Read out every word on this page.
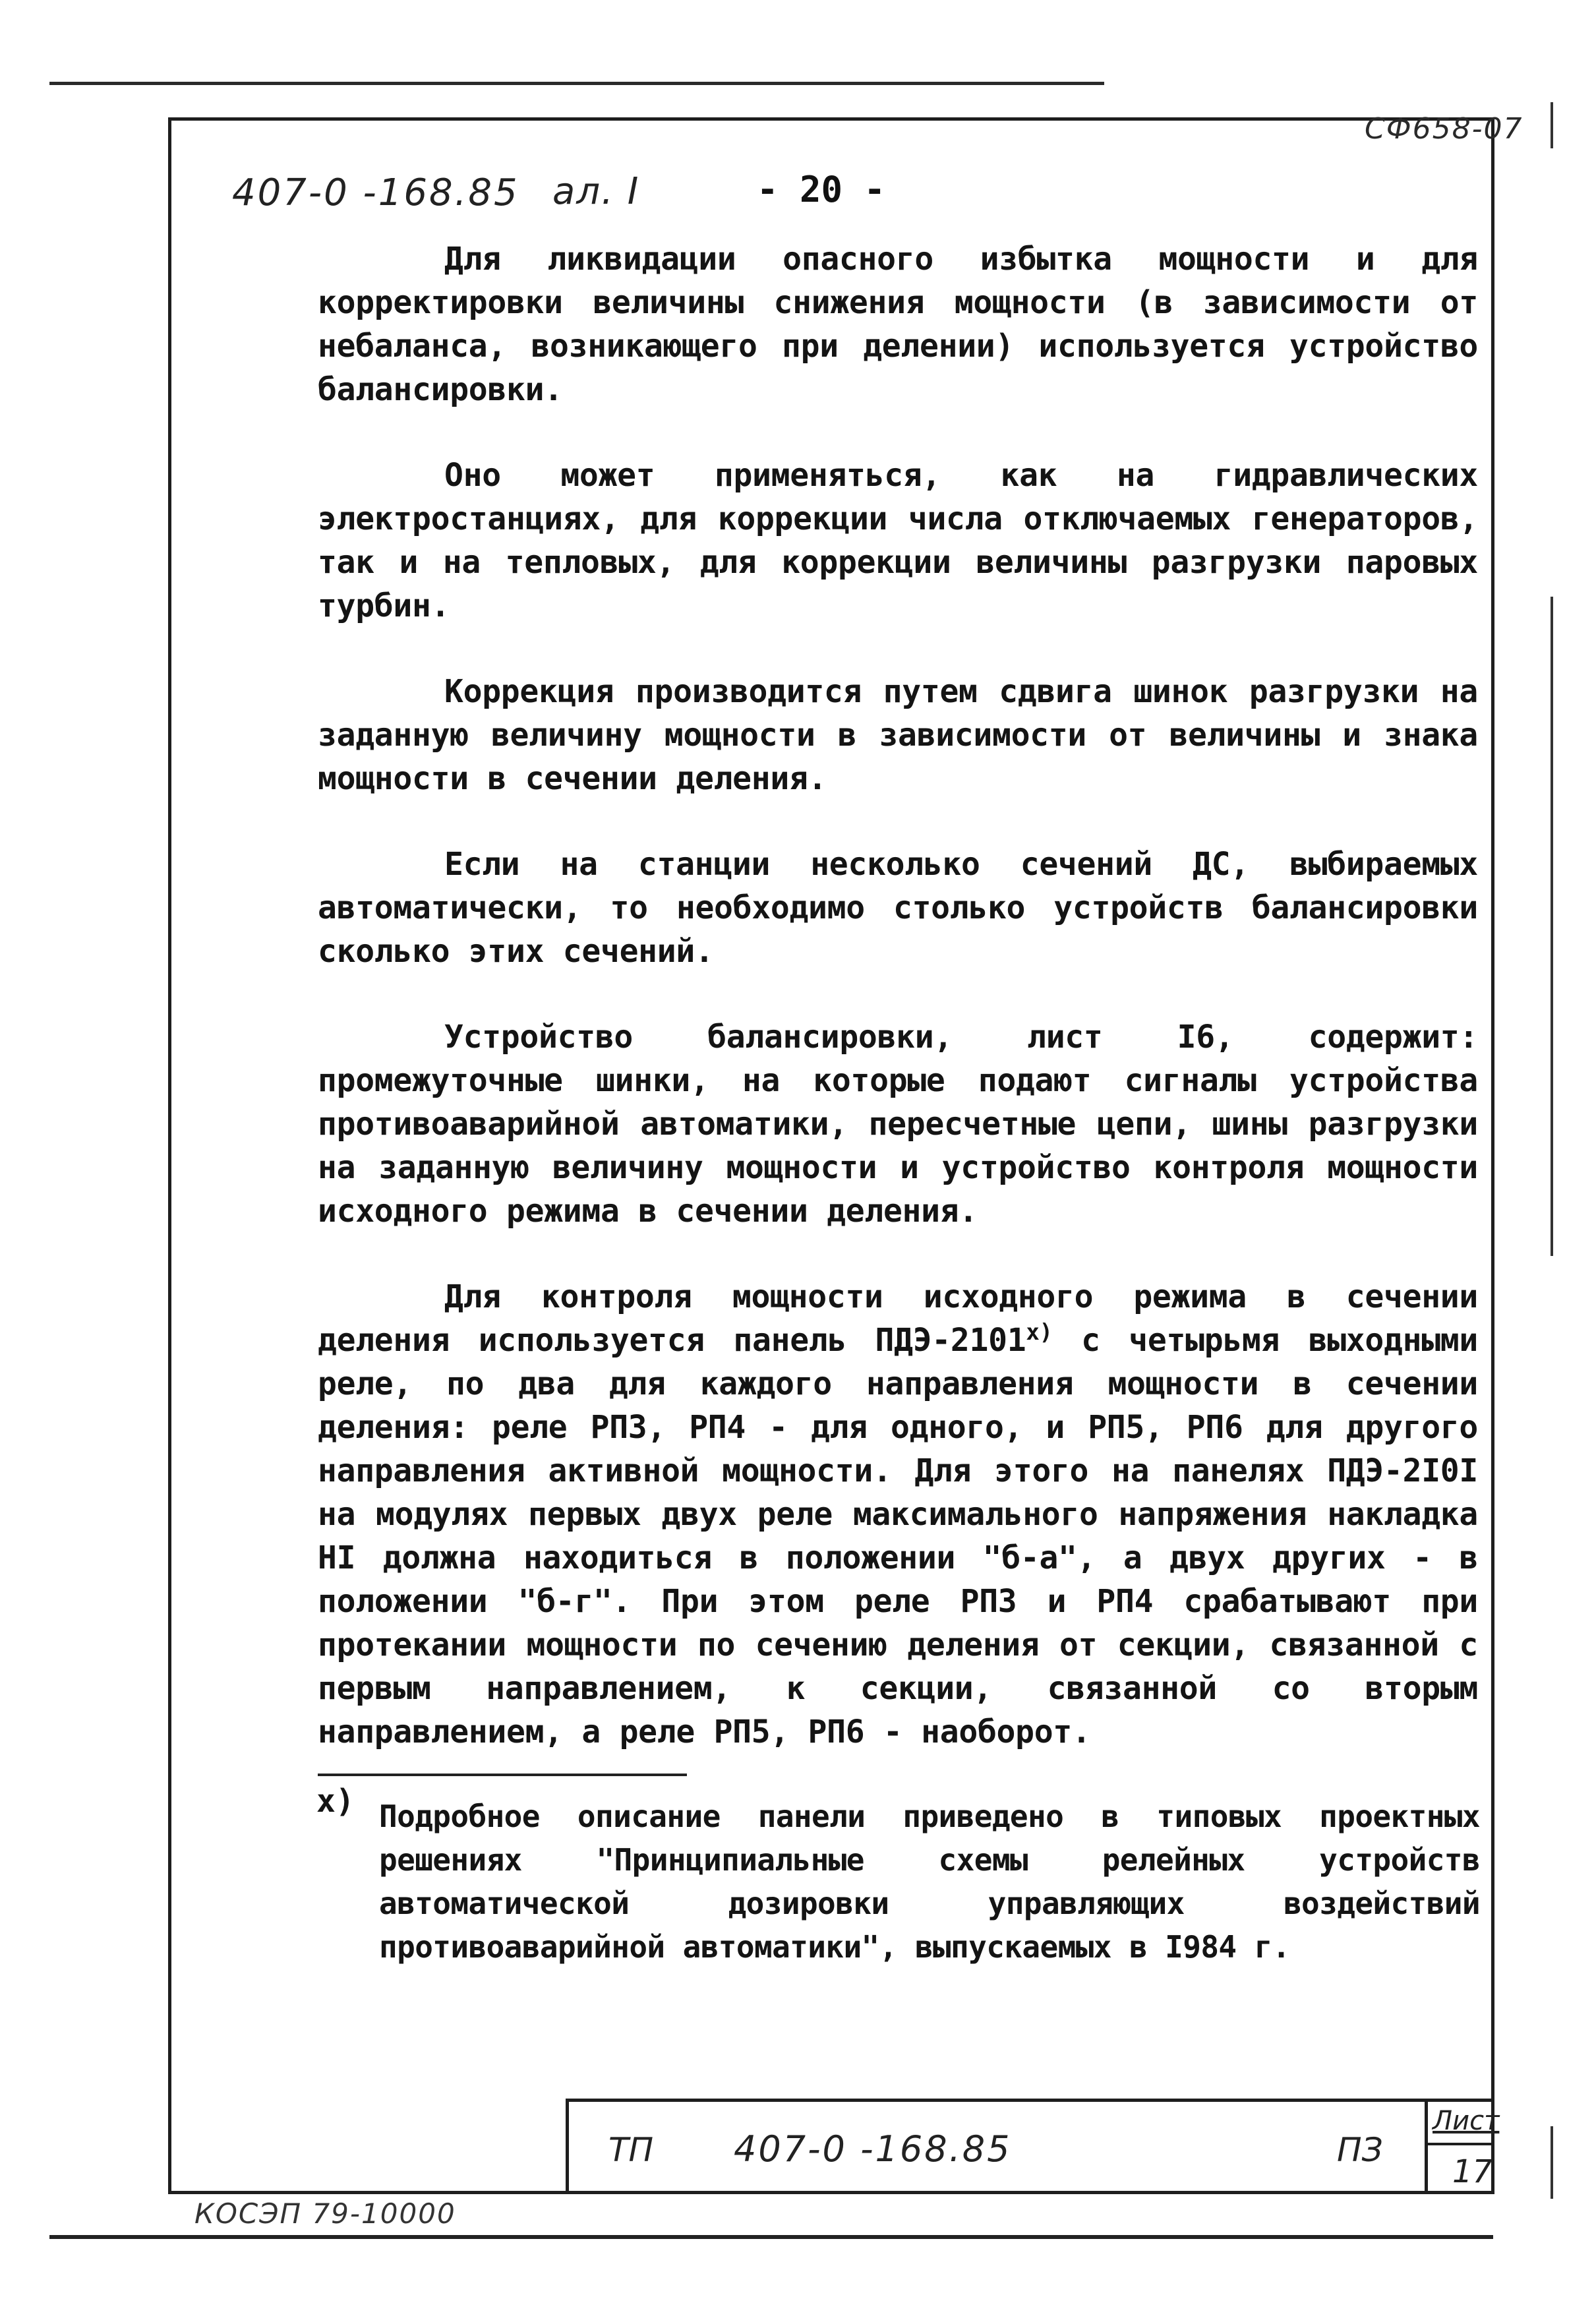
СФ658-07
407-0 -168.85 ал. I	- 20 -

Для ликвидации опасного избытка мощности и для корректировки величины снижения мощности (в зависимости от небаланса, возникающего при делении) используется устройство балансировки.

Оно может применяться, как на гидравлических электростанциях, для коррекции числа отключаемых генераторов, так и на тепловых, для коррекции величины разгрузки паровых турбин.

Коррекция производится путем сдвига шинок разгрузки на заданную величину мощности в зависимости от величины и знака мощности в сечении деления.

Если на станции несколько сечений ДС, выбираемых автоматически, то необходимо столько устройств балансировки сколько этих сечений.

Устройство балансировки, лист I6, содержит: промежуточные шинки, на которые подают сигналы устройства противоаварийной автоматики, пересчетные цепи, шины разгрузки на заданную величину мощности и устройство контроля мощности исходного режима в сечении деления.

Для контроля мощности исходного режима в сечении деления используется панель ПДЭ-2101$^{x)}$ с четырьмя выходными реле, по два для каждого направления мощности в сечении деления: реле РП3, РП4 - для одного, и РП5, РП6 для другого направления активной мощности. Для этого на панелях ПДЭ-2I0I на модулях первых двух реле максимального напряжения накладка HI должна находиться в положении "б-а", а двух других - в положении "б-г". При этом реле РП3 и РП4 срабатывают при протекании мощности по сечению деления от секции, связанной с первым направлением, к секции, связанной со вторым направлением, а реле РП5, РП6 - наоборот.

x) Подробное описание панели приведено в типовых проектных решениях "Принципиальные схемы релейных устройств автоматической дозировки управляющих воздействий противоаварийной автоматики", выпускаемых в I984 г.

ТП 407-0 -168.85	ПЗ
Лист
17
КОСЭП 79-10000
